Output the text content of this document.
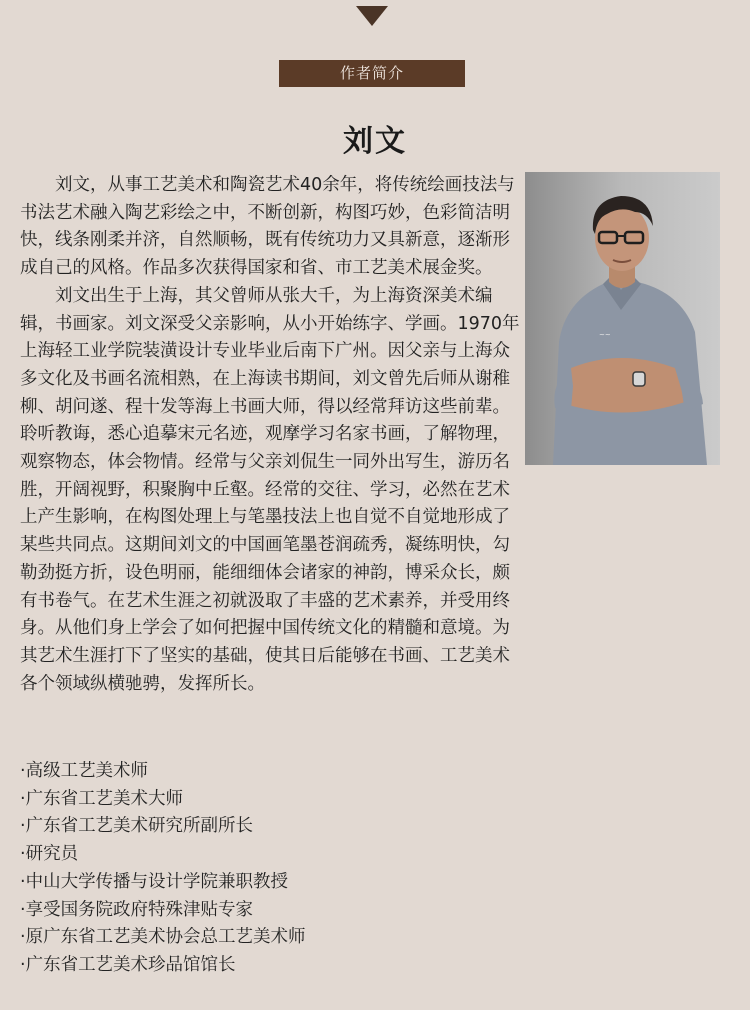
作者简介
刘文
~~

刘文，从事工艺美术和陶瓷艺术40余年，将传统绘画技法与书法艺术融入陶艺彩绘之中，不断创新，构图巧妙，色彩简洁明快，线条刚柔并济，自然顺畅，既有传统功力又具新意，逐渐形成自己的风格。作品多次获得国家和省、市工艺美术展金奖。

刘文出生于上海，其父曾师从张大千，为上海资深美术编辑，书画家。刘文深受父亲影响，从小开始练字、学画。1970年上海轻工业学院装潢设计专业毕业后南下广州。因父亲与上海众多文化及书画名流相熟，在上海读书期间，刘文曾先后师从谢稚柳、胡问遂、程十发等海上书画大师，得以经常拜访这些前辈。聆听教诲，悉心追摹宋元名迹，观摩学习名家书画，了解物理，观察物态，体会物情。经常与父亲刘侃生一同外出写生，游历名胜，开阔视野，积聚胸中丘壑。经常的交往、学习，必然在艺术上产生影响，在构图处理上与笔墨技法上也自觉不自觉地形成了某些共同点。这期间刘文的中国画笔墨苍润疏秀，凝练明快，勾勒劲挺方折，设色明丽，能细细体会诸家的神韵，博采众长，颇有书卷气。在艺术生涯之初就汲取了丰盛的艺术素养，并受用终身。从他们身上学会了如何把握中国传统文化的精髓和意境。为其艺术生涯打下了坚实的基础，使其日后能够在书画、工艺美术各个领域纵横驰骋，发挥所长。

·高级工艺美术师
·广东省工艺美术大师
·广东省工艺美术研究所副所长
·研究员
·中山大学传播与设计学院兼职教授
·享受国务院政府特殊津贴专家
·原广东省工艺美术协会总工艺美术师
·广东省工艺美术珍品馆馆长
